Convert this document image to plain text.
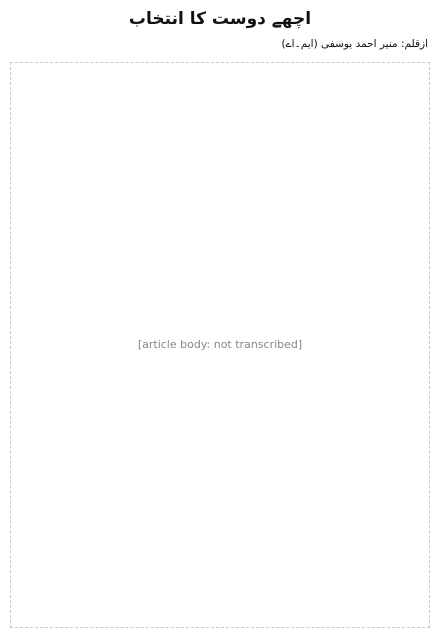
اچھے دوست کا انتخاب
ازقلم: منیر احمد یوسفی (ایم۔اے)
[article body: not transcribed]
